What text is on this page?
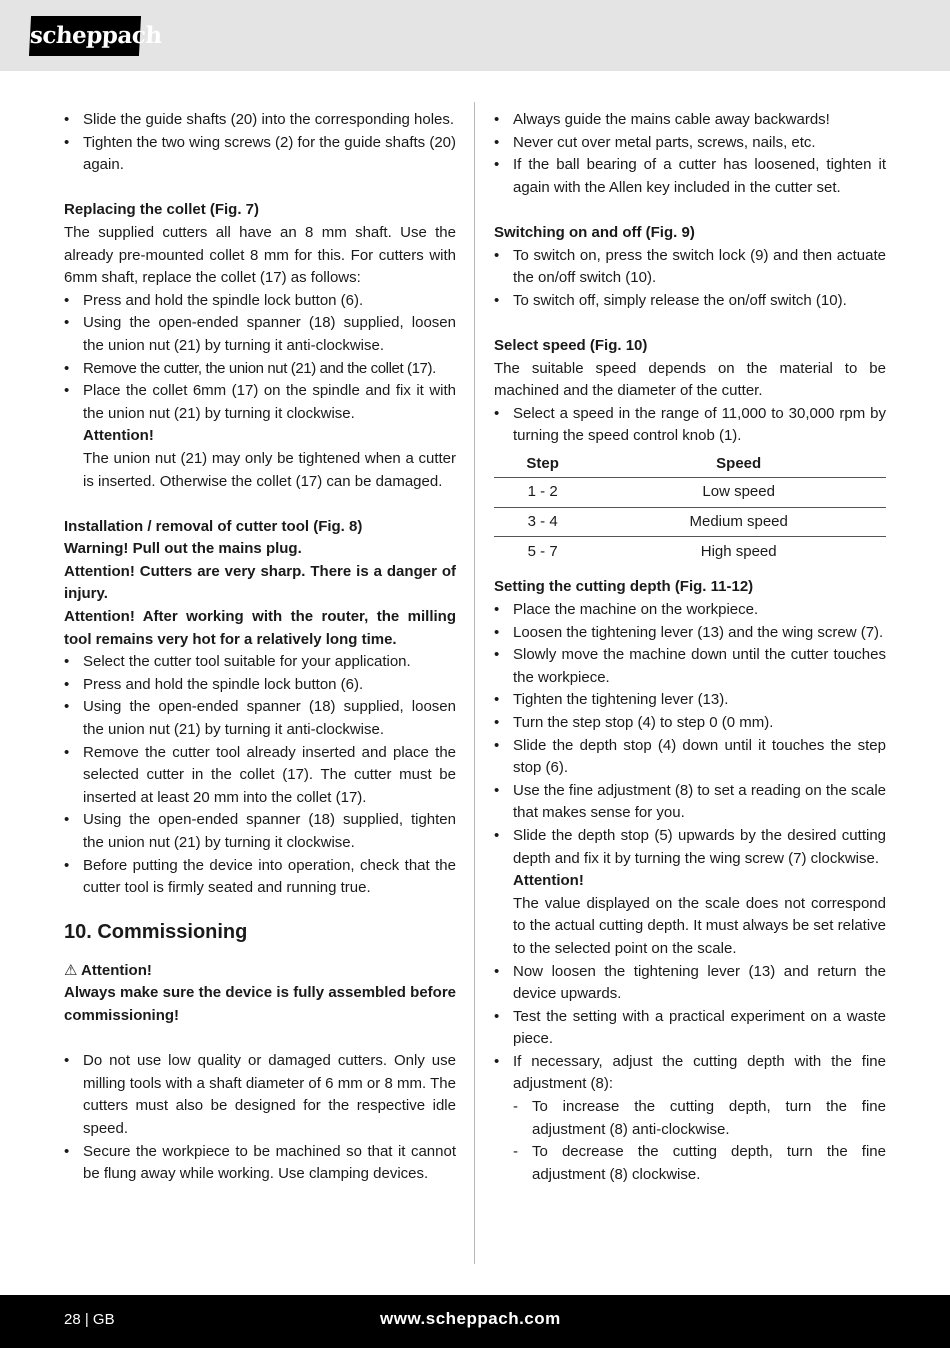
scheppach
• Slide the guide shafts (20) into the corresponding holes.
• Tighten the two wing screws (2) for the guide shafts (20) again.
Replacing the collet (Fig. 7)

The supplied cutters all have an 8 mm shaft. Use the already pre-mounted collet 8 mm for this. For cutters with 6mm shaft, replace the collet (17) as follows:

• Press and hold the spindle lock button (6).
• Using the open-ended spanner (18) supplied, loosen the union nut (21) by turning it anti-clockwise.
• Remove the cutter, the union nut (21) and the collet (17).
• Place the collet 6mm (17) on the spindle and fix it with the union nut (21) by turning it clockwise.
Attention!
The union nut (21) may only be tightened when a cutter is inserted. Otherwise the collet (17) can be damaged.
Installation / removal of cutter tool (Fig. 8)
Warning! Pull out the mains plug.

Attention! Cutters are very sharp. There is a danger of injury.

Attention! After working with the router, the milling tool remains very hot for a relatively long time.

• Select the cutter tool suitable for your application.
• Press and hold the spindle lock button (6).
• Using the open-ended spanner (18) supplied, loosen the union nut (21) by turning it anti-clockwise.
• Remove the cutter tool already inserted and place the selected cutter in the collet (17). The cutter must be inserted at least 20 mm into the collet (17).
• Using the open-ended spanner (18) supplied, tighten the union nut (21) by turning it clockwise.
• Before putting the device into operation, check that the cutter tool is firmly seated and running true.
10. Commissioning
⚠ Attention!

Always make sure the device is fully assembled before commissioning!

• Do not use low quality or damaged cutters. Only use milling tools with a shaft diameter of 6 mm or 8 mm. The cutters must also be designed for the respective idle speed.
• Secure the workpiece to be machined so that it cannot be flung away while working. Use clamping devices.
• Always guide the mains cable away backwards!
• Never cut over metal parts, screws, nails, etc.
• If the ball bearing of a cutter has loosened, tighten it again with the Allen key included in the cutter set.
Switching on and off (Fig. 9)
• To switch on, press the switch lock (9) and then actuate the on/off switch (10).
• To switch off, simply release the on/off switch (10).
Select speed (Fig. 10)

The suitable speed depends on the material to be machined and the diameter of the cutter.

• Select a speed in the range of 11,000 to 30,000 rpm by turning the speed control knob (1).
Step	Speed
1 - 2	Low speed
3 - 4	Medium speed
5 - 7	High speed
Setting the cutting depth (Fig. 11-12)
• Place the machine on the workpiece.
• Loosen the tightening lever (13) and the wing screw (7).
• Slowly move the machine down until the cutter touches the workpiece.
• Tighten the tightening lever (13).
• Turn the step stop (4) to step 0 (0 mm).
• Slide the depth stop (4) down until it touches the step stop (6).
• Use the fine adjustment (8) to set a reading on the scale that makes sense for you.
• Slide the depth stop (5) upwards by the desired cutting depth and fix it by turning the wing screw (7) clockwise.
Attention!
The value displayed on the scale does not correspond to the actual cutting depth. It must always be set relative to the selected point on the scale.
• Now loosen the tightening lever (13) and return the device upwards.
• Test the setting with a practical experiment on a waste piece.
• If necessary, adjust the cutting depth with the fine adjustment (8):
- To increase the cutting depth, turn the fine adjustment (8) anti-clockwise.
- To decrease the cutting depth, turn the fine adjustment (8) clockwise.
28 | GB	www.scheppach.com
